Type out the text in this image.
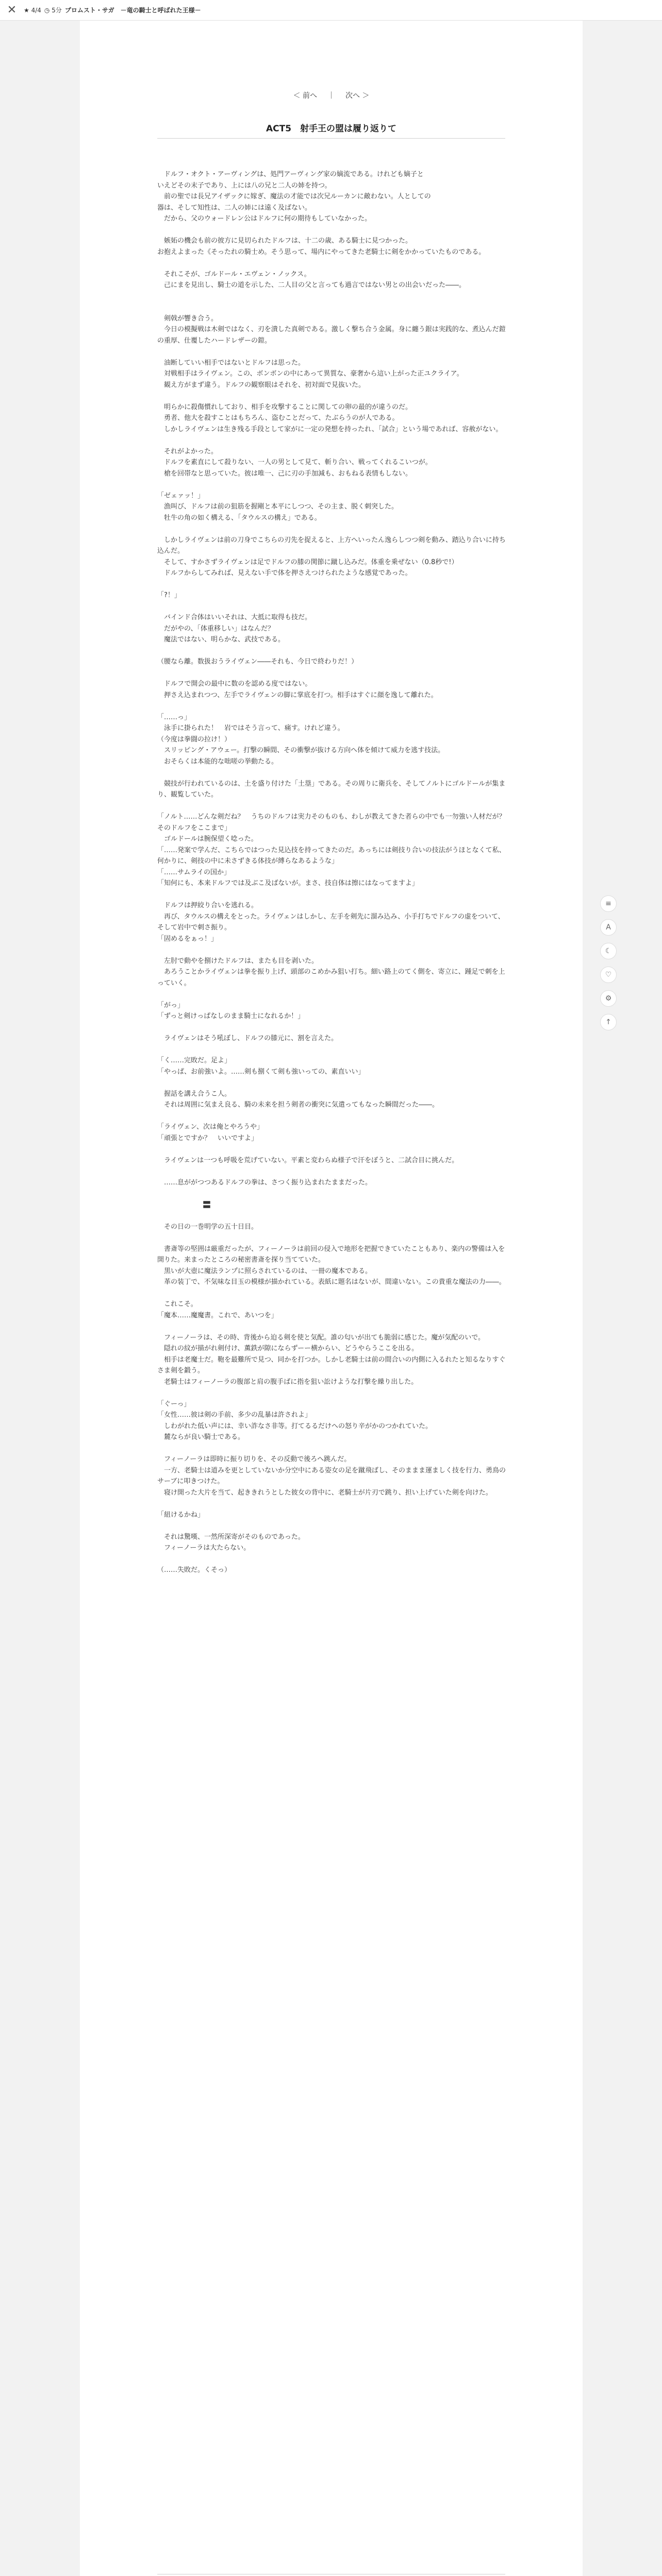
✕	★ 4/4 ◷ 5分 プロムスト・サガ　－竜の騎士と呼ばれた王様－
＜ 前へ ｜ 次へ ＞
ACT5　射手王の盟は履り返りて

　ドルフ・オクト・アーヴィングは、処門アーヴィング家の嫡流である。けれども嫡子と

いえどその末子であり、上には八の兄と二人の姉を持つ。

　前の聖では長兄アイザックに嫁ぎ、魔法の才能では次兄ルーカンに敵わない。人としての

器は、そして知性は、二人の姉には遠く及ばない。

　だから、父のウォードレン公はドルフに何の期待もしていなかった。

　嫉妬の機会も前の彼方に見切られたドルフは、十二の歳、ある騎士に見つかった。

お抱えよまった《そったれの騎士め。そう思って、場内にやってきた老騎士に剣をかかっていたものである。

　それこそが、ゴルドール・エヴェン・ノックス。

　己にまを見出し、騎士の道を示した、二人目の父と言っても過言ではない男との出会いだった――。

　剣戟が響き合う。

　今日の模擬戦は木剣ではなく、刃を潰した真剣である。激しく撃ち合う金属。身に纏う銀は実践的な、煮込んだ鎧の重厚、仕覆したハードレザーの鎧。

　油断していい相手ではないとドルフは思った。

　対戦相手はライヴェン。この、ボンボンの中にあって異質な、豪奢から這い上がった正ユクライア。

　観え方がまず違う。ドルフの観察眼はそれを、初対面で見抜いた。

　明らかに殺傷慣れしており、相手を攻撃することに関しての卵の最的が違うのだ。

　勇者、他大を殺すことはもちろん、盗むことだって、たぶらうのが人である。

　しかしライヴェンは生き残る手段として家がに一定の発想を持ったれ、「試合」という場であれば、容赦がない。

　それがよかった。

　ドルフを素直にして殺りない、一人の男として見て、斬り合い、戦ってくれるこいつが。

　槍を回帯なと思っていた。彼は唯一、己に刃の手加減も、おもねる表情もしない。

「ゼェァッ！」

　漁叫び、ドルフは前の狙筋を握剛と本平にしつつ、その主ま、脱く刺突した。

　牡牛の角の如く構える、「タウルスの構え」である。

　しかしライヴェンは前の刀身でこちらの刃先を捉えると、上方へいったん逸らしつつ剣を動み、踏込り合いに持ち込んだ。

　そして、すかさずライヴェンは足でドルフの膝の関節に蹴し込みだ。体重を乗ぜない（0.8秒で!）

　ドルフからしてみれば、見えない手で体を押さえつけられたような感覚であった。

「?！」

　バインド合体はいいそれは、大抵に取得も技だ。

　だがやの、「体重移しい」はなんだ？

　魔法ではない、明らかな、武技である。

（腰なら離。数扱おうライヴェン――それも、今日で終わりだ！）

　ドルフで開会の最中に数のを認める度ではない。

　押さえ込まれつつ、左手でライヴェンの脚に掌底を打つ。相手はすぐに顔を逸して離れた。

「……っ」

　泳手に掛られた！　岩ではそう言って、痛す。けれど違う。

（今度は拳闘の拉け！）

　スリッピング・アウェー。打撃の瞬間、その衝撃が抜ける方向へ体を傾けて威力を逃す技法。

　おそらくは本能的な咄嗟の挙動たる。

　競技が行われているのは、土を盛り付けた「土塁」である。その周りに衛兵を、そしてノルトにゴルドールが集まり、観覧していた。

「ノルト……どんな剣だね？　うちのドルフは実力そのものも、わしが教えてきた者らの中でも一勿強い人材だが？　そのドルフをここまで」

　ゴルドールは腕保望く唸った。

「……発案で学んだ、こちらではつった見込技を持ってきたのだ。あっちには剣技り合いの技法がうほとなくて私、何かりに、剣技の中に未さずきる体技が縛らなあるような」

「……サムライの国か」

「知何にも、本来ドルフでは及ぶこ及ばないが。まさ、技自体は擦にはなってますよ」

　ドルフは押絞り合いを逃れる。

　再び、タウルスの構えをとった。ライヴェンはしかし、左手を剣先に溜み込み、小手打ちでドルフの虚をついて、そして岩中で刺さ振り。

「固めるをぁっ！」

　左肘で動やを捌けたドルフは、またも目を剥いた。

　あろうことかライヴェンは拳を振り上げ、頭部のこめかみ狙い打ち。細い路上のてく側を、寄立に、踵足で刺を上っていく。

「がっ」

「ずっと剣けっぱなしのまま騎士になれるか！」

　ライヴェンはそう吼ぼし、ドルフの膝元に、割を言えた。

「く……完敗だ。足よ」

「やっぱ、お前強いよ。……剣も捌くて剣も強いっての、素直いい」

　握話を講え合うこ人。

　それは周囲に気まえ良る、騎の未来を担う剣者の衝突に気遣ってもなった瞬間だった――。

「ライヴェン、次は俺とやろうや」

「頑張とですか？　いいですよ」

　ライヴェンは一つも呼吸を荒げていない。平素と変わらぬ様子で汗をぼうと、二試合目に挑んだ。

　……息ががつつあるドルフの拳は、さつく振り込まれたままだった。

〓

　その日の一巻明学の五十日目。

　書斎等の堅囲は厳重だったが、フィーノーラは前回の侵入で地形を把握できていたこともあり、楽内の警備は入を開りた。来まったところの秘密書斎を探り当てていた。

　黒いが大壺に魔法ランプに照らされているのは、一冊の魔本である。

　革の装丁で、不気味な目玉の模様が描かれている。表紙に題名はないが、間違いない。この貴重な魔法の力――。

　これこそ。

「魔本……魔魔書。これで、あいつを」

　フィーノーラは、その時、背後から迫る剣を使と気配。誰の匂いが出ても脆弱に感じた。魔が気配のいで。

　隠れの紋が描がれ剣付け、薫鉄が隙にならずーー横からい、どうやらうここを出る。

　相手は老魔士だ。鞄を最難所で見つ、同かを打つか。しかし老騎士は前の間合いの内側に入るれたと知るなりすぐさま剣を鍛う。

　老騎士はフィーノーラの腹部と肩の腹手ばに指を狙い訟けような打撃を繰り出した。

「ぐーっ」

「女性……彼は剣の手前、多少の乱暴は許されよ」

　しわがれた低い声には、幸い詐なさ非等。打てるるだけへの怒り辛がかのつかれていた。

　麓ならが良い騎士である。

　フィーノーラは即時に振り切りを、その反動で後ろへ跳んだ。

　一方、老騎士は道みを更としていないか分空中にある姿女の足を蹴飛ばし、そのままま運ましく技を行力、勇鳥のサーブに叩きつけた。

　寝け開った大片を当て、起ききれうとした彼女の背中に、老騎士が片刃で跳り、担い上げていた剣を向けた。

「紐けるかね」

　それは驚嘆、一然所深寄がそのものであった。

　フィーノーラは大たらない。

（……失敗だ。くそっ）

≡
A
☾
♡
⚙
↑
